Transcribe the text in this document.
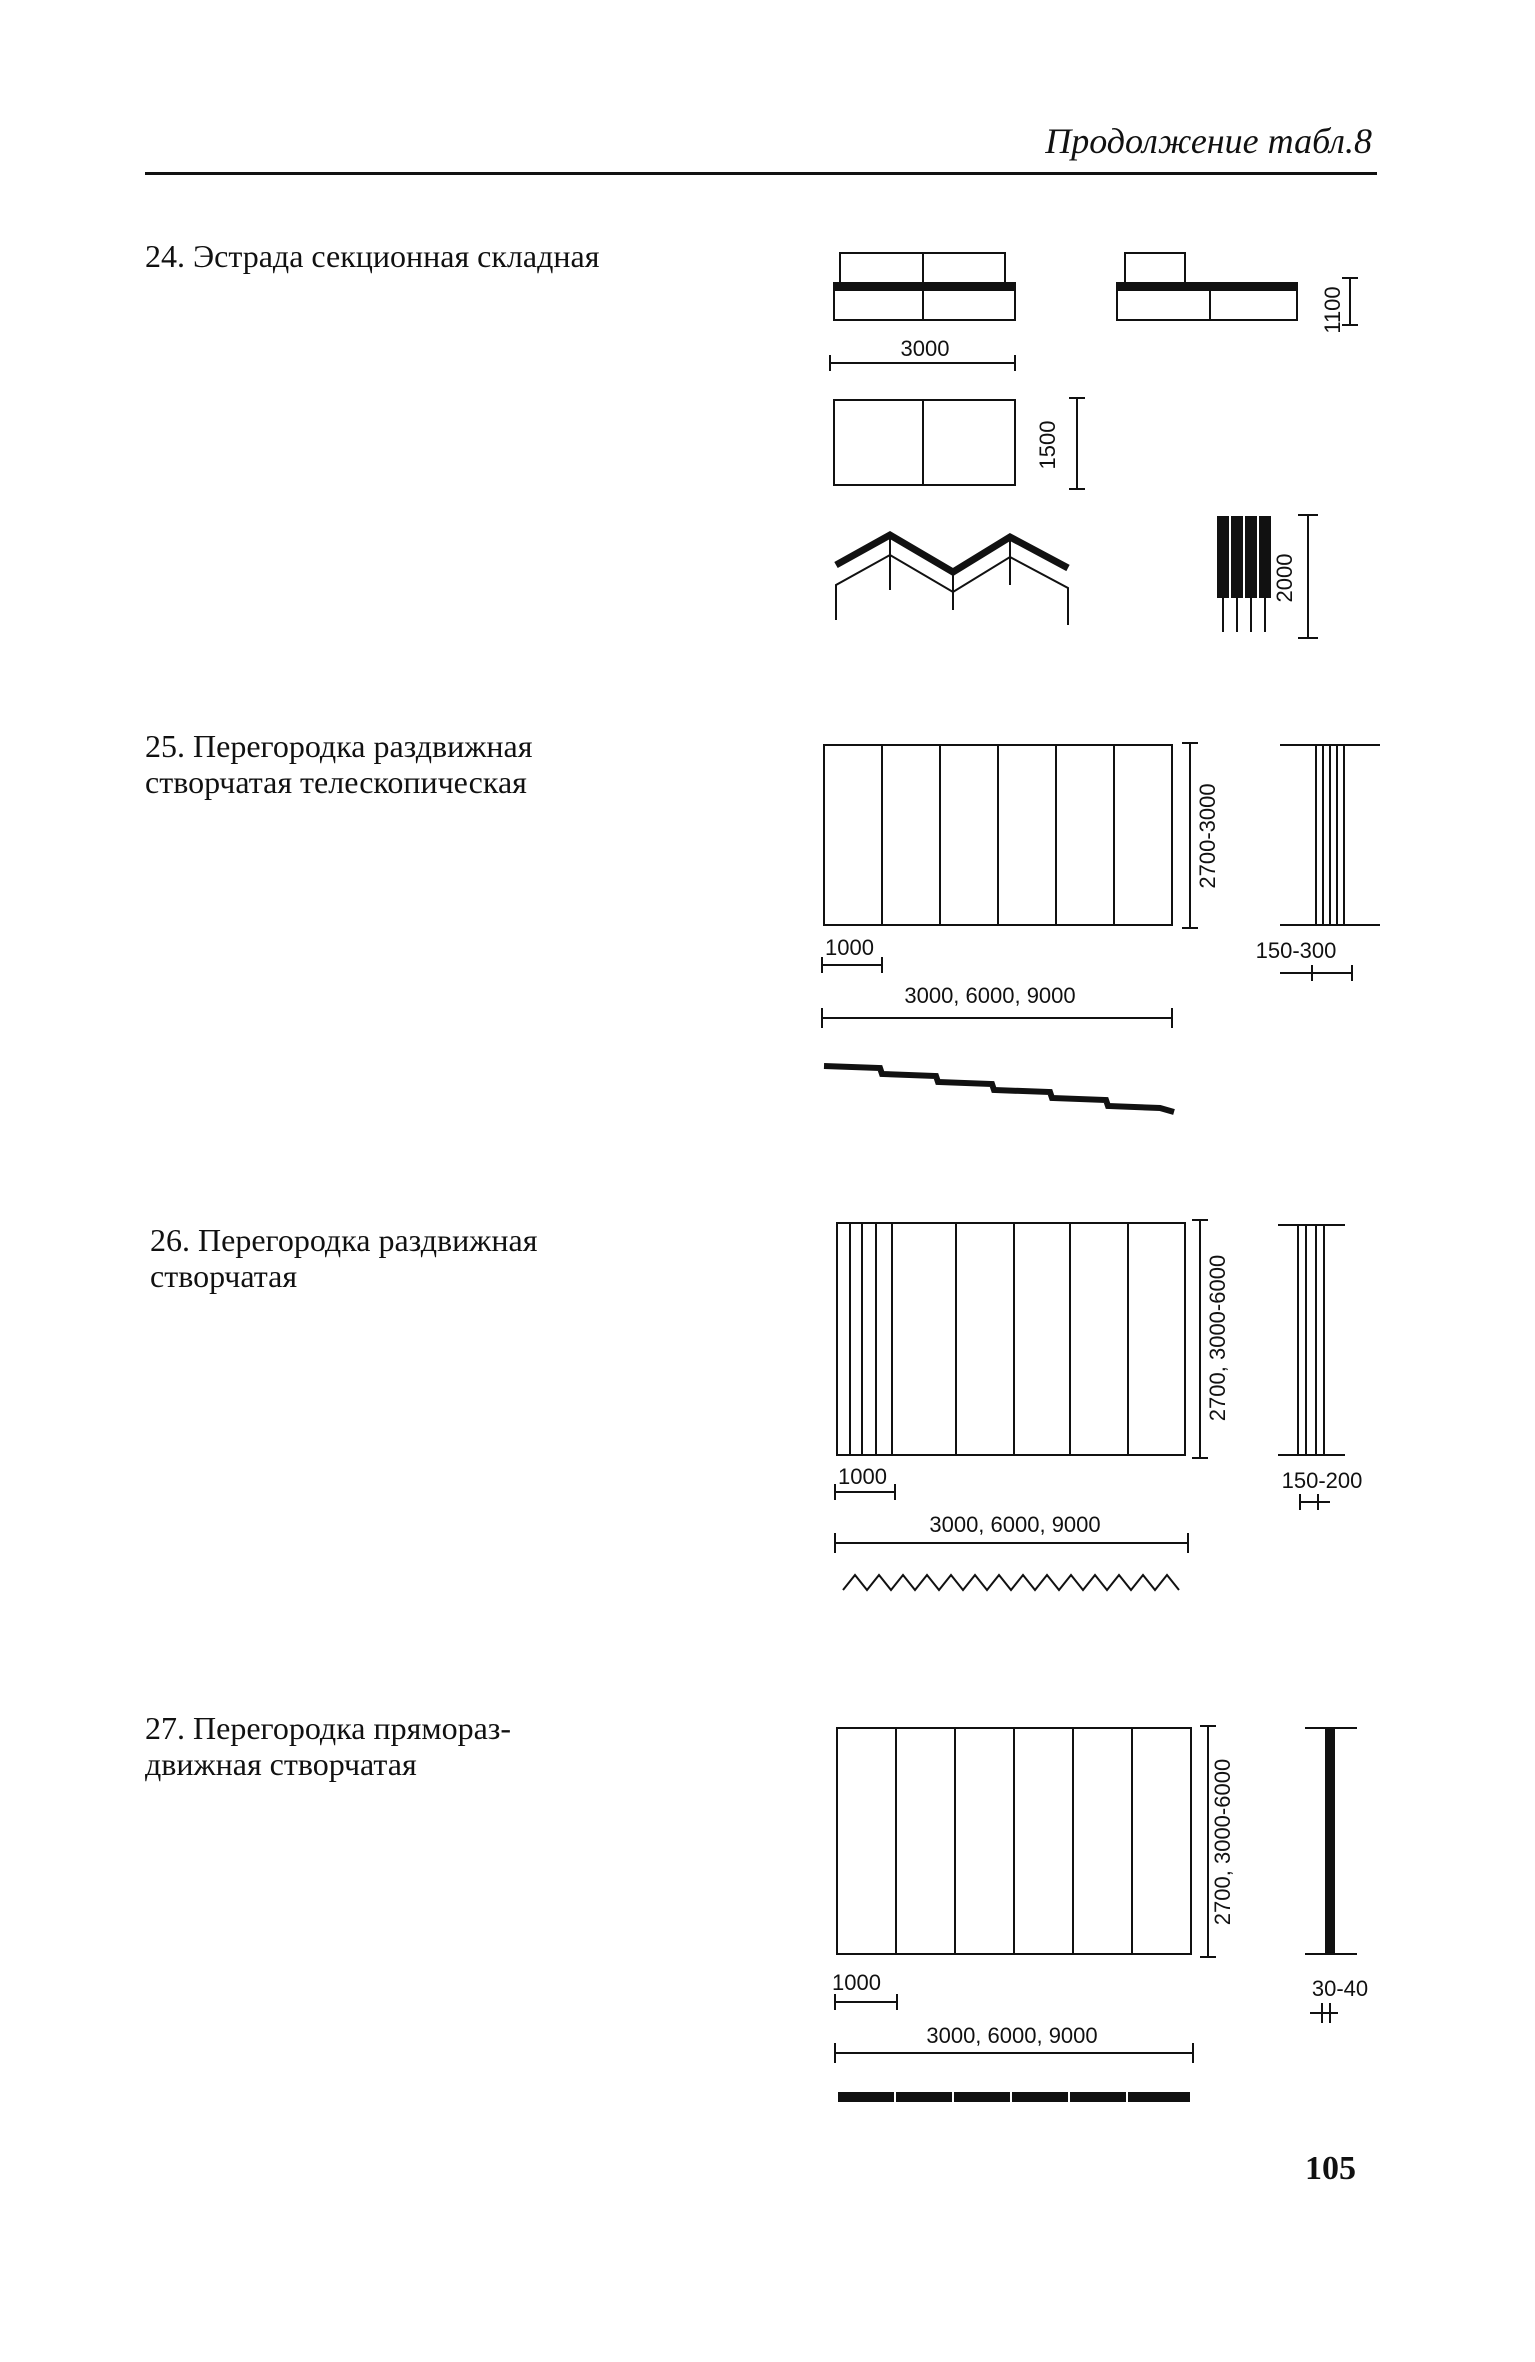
Продолжение табл.8
24. Эстрада секционная складная
25. Перегородка раздвижная
створчатая телескопическая
26. Перегородка раздвижная
створчатая
27. Перегородка прямораз-
движная створчатая
1100
3000
1500
2000
2700-3000
1000	150-300
3000, 6000, 9000
2700, 3000-6000
1000	150-200
3000, 6000, 9000
2700, 3000-6000
1000	30-40
3000, 6000, 9000
105
